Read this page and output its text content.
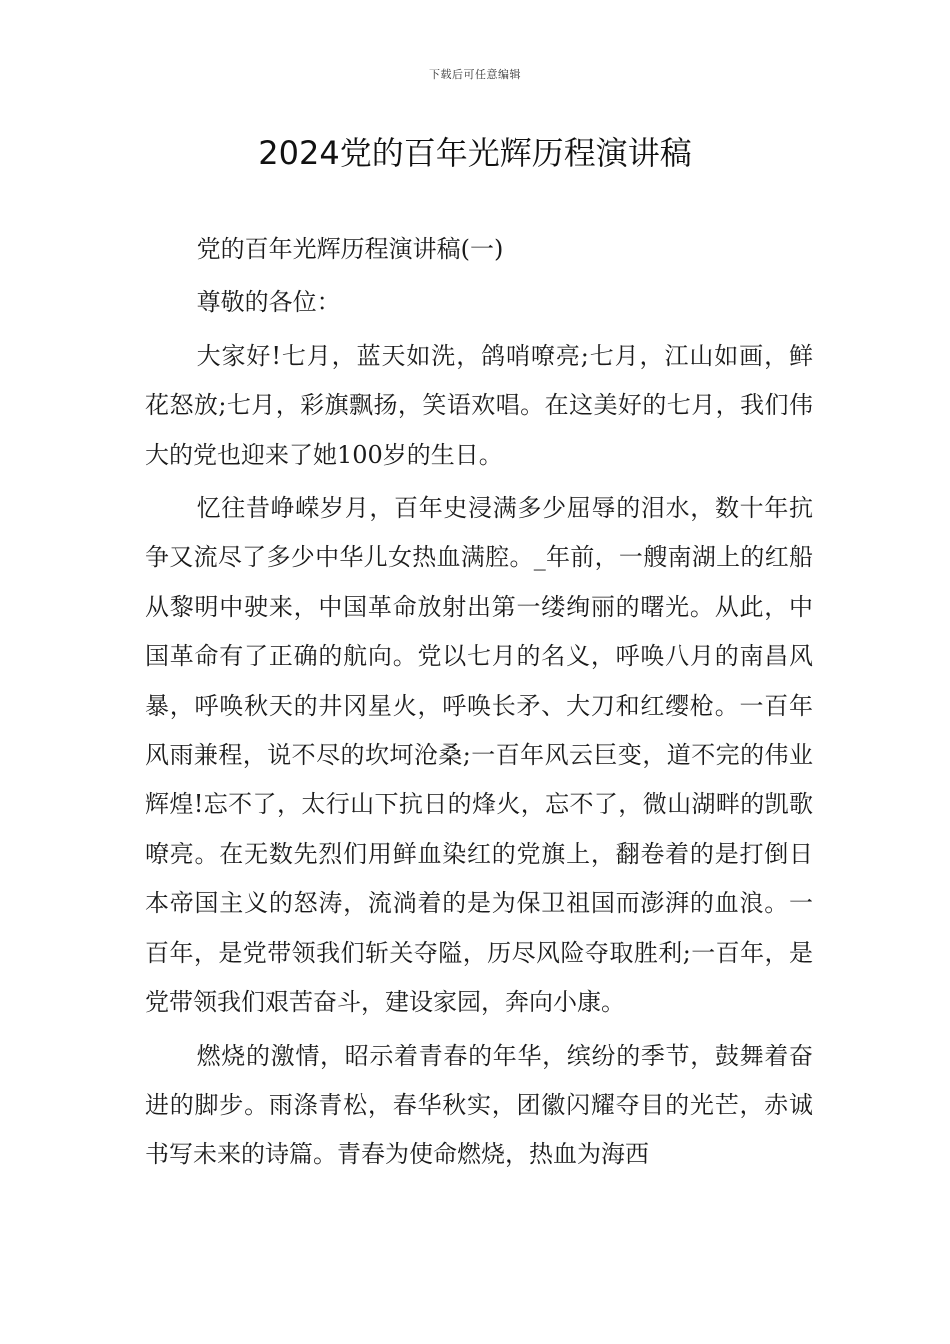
下载后可任意编辑
2024党的百年光辉历程演讲稿

党的百年光辉历程演讲稿(一)

尊敬的各位：

大家好!七月，蓝天如洗，鸽哨嘹亮;七月，江山如画，鲜花怒放;七月，彩旗飘扬，笑语欢唱。在这美好的七月，我们伟大的党也迎来了她100岁的生日。

忆往昔峥嵘岁月，百年史浸满多少屈辱的泪水，数十年抗争又流尽了多少中华儿女热血满腔。_年前，一艘南湖上的红船从黎明中驶来，中国革命放射出第一缕绚丽的曙光。从此，中国革命有了正确的航向。党以七月的名义，呼唤八月的南昌风暴，呼唤秋天的井冈星火，呼唤长矛、大刀和红缨枪。一百年风雨兼程，说不尽的坎坷沧桑;一百年风云巨变，道不完的伟业辉煌!忘不了，太行山下抗日的烽火，忘不了，微山湖畔的凯歌嘹亮。在无数先烈们用鲜血染红的党旗上，翻卷着的是打倒日本帝国主义的怒涛，流淌着的是为保卫祖国而澎湃的血浪。一百年，是党带领我们斩关夺隘，历尽风险夺取胜利;一百年，是党带领我们艰苦奋斗，建设家园，奔向小康。

燃烧的激情，昭示着青春的年华，缤纷的季节，鼓舞着奋进的脚步。雨涤青松，春华秋实，团徽闪耀夺目的光芒，赤诚书写未来的诗篇。青春为使命燃烧，热血为海西
